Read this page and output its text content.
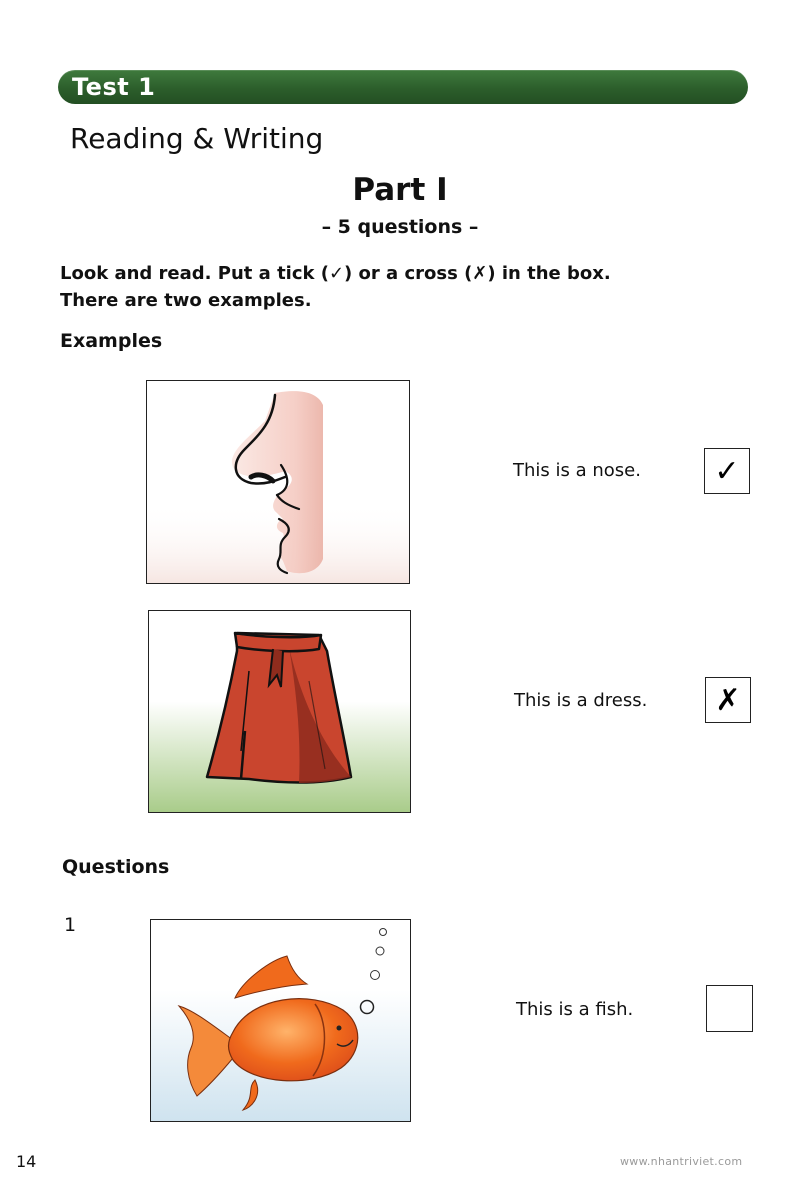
Test 1
Reading & Writing
Part I
– 5 questions –
Look and read. Put a tick (✓) or a cross (✗) in the box.
There are two examples.
Examples
This is a nose.	✓
This is a dress.	✗
Questions
1
This is a fish.
14	www.nhantriviet.com
